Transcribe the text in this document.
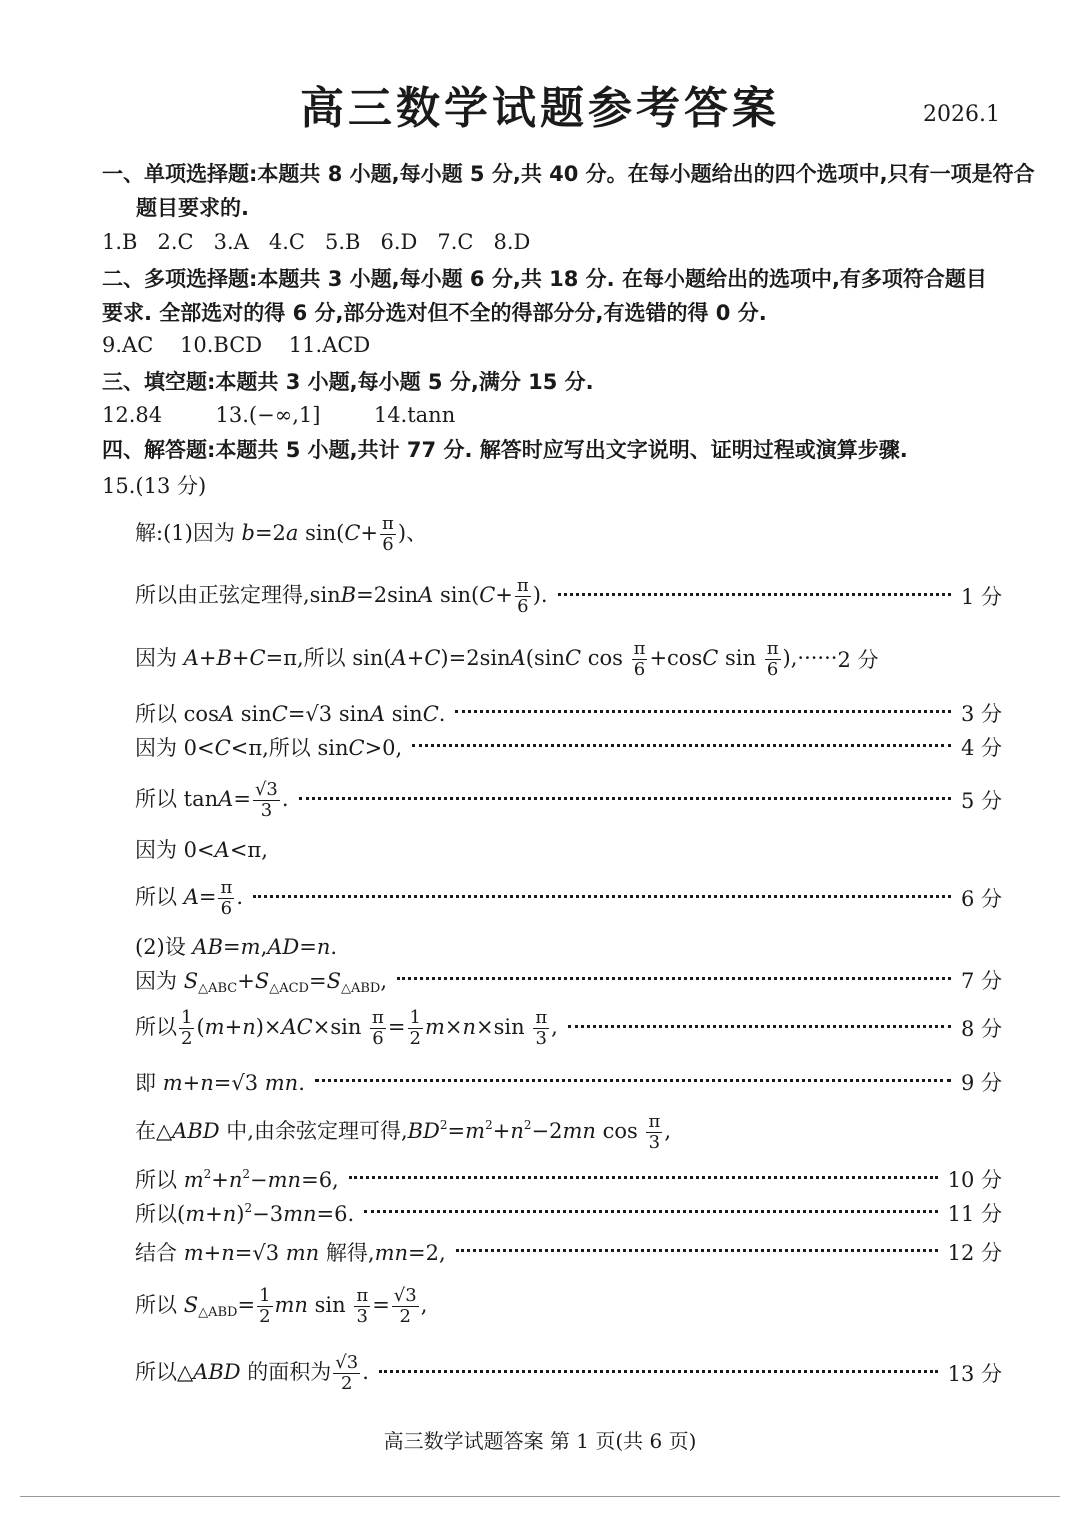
高三数学试题参考答案	2026.1
一、单项选择题:本题共 8 小题,每小题 5 分,共 40 分。在每小题给出的四个选项中,只有一项是符合题目要求的.
1.B   2.C   3.A   4.C   5.B   6.D   7.C   8.D
二、多项选择题:本题共 3 小题,每小题 6 分,共 18 分. 在每小题给出的选项中,有多项符合题目要求. 全部选对的得 6 分,部分选对但不全的得部分分,有选错的得 0 分.
9.AC    10.BCD    11.ACD
三、填空题:本题共 3 小题,每小题 5 分,满分 15 分.
12.84        13.(−∞,1]        14.tann
四、解答题:本题共 5 小题,共计 77 分. 解答时应写出文字说明、证明过程或演算步骤.
15.(13 分)
解:(1)因为 b=2a $\sin(C+ \frac{\pi}{6}$ )、
所以由正弦定理得,sinB=2sinA $\sin(C+ \frac{\pi}{6}$ ).	1 分
因为 A+B+C=π,所以 sin(A+C)=2sinA(sinC $\cos \frac{\pi}{6} +\cos C$ $\sin \frac{\pi}{6}$ ),······ 2 分
所以 cosA sinC=√3 sinA sinC.	3 分
因为 0<C<π,所以 sinC>0,	4 分
所以 $\tan A= \frac{√3}{3}$ .	5 分
因为 0<A<π,
所以 $A= \frac{\pi}{6}$ .	6 分
(2)设 AB=m,AD=n.
因为 $S_{\triangle ABC}+S_{\triangle ACD}=S_{\triangle ABD}$,	7 分
所以 $\frac{1}{2} (m+n)\times AC\times\sin \frac{\pi}{6} = \frac{1}{2} m\times n\times\sin \frac{\pi}{3}$ ,	8 分
即 m+n=√3 mn.	9 分
在△ABD 中,由余弦定理可得$,BD^2=m^2+n^2-2mn$ $\cos \frac{\pi}{3}$ ,
所以 $m^2+n^2-mn=6$,	10 分
所以$(m+n)^2-3mn=6$.	11 分
结合 m+n=√3 mn 解得,mn=2,	12 分
所以 $S_{\triangle ABD}= \frac{1}{2}$ mn $\sin \frac{\pi}{3} = \frac{√3}{2}$ ,
所以△ABD 的面积为 $\frac{√3}{2}$ .	13 分
高三数学试题答案 第 1 页(共 6 页)
